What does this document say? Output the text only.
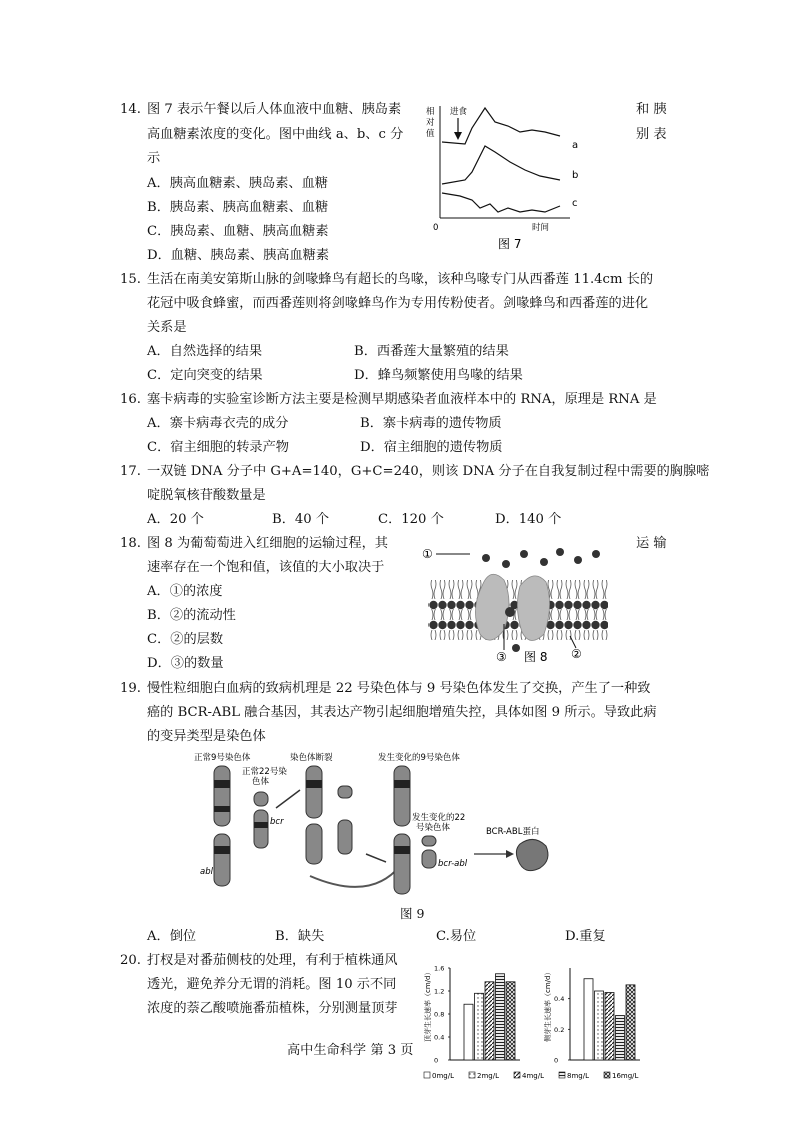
14. 图 7 表示午餐以后人体血液中血糖、胰岛素	和 胰
高血糖素浓度的变化。图中曲线 a、b、c 分	别 表
示
A．胰高血糖素、胰岛素、血糖
B．胰岛素、胰高血糖素、血糖
C．胰岛素、血糖、胰高血糖素
D．血糖、胰岛素、胰高血糖素
相
对
值
进食
a
b
c
0	时间
图 7
15. 生活在南美安第斯山脉的剑喙蜂鸟有超长的鸟喙，该种鸟喙专门从西番莲 11.4cm 长的
花冠中吸食蜂蜜，而西番莲则将剑喙蜂鸟作为专用传粉使者。剑喙蜂鸟和西番莲的进化
关系是
A．自然选择的结果	B．西番莲大量繁殖的结果
C．定向突变的结果	D．蜂鸟频繁使用鸟喙的结果
16. 塞卡病毒的实验室诊断方法主要是检测早期感染者血液样本中的 RNA，原理是 RNA 是
A．寨卡病毒衣壳的成分	B．寨卡病毒的遗传物质
C．宿主细胞的转录产物	D．宿主细胞的遗传物质
17. 一双链 DNA 分子中 G+A=140，G+C=240，则该 DNA 分子在自我复制过程中需要的胸腺嘧
啶脱氧核苷酸数量是
A．20 个	B．40 个	C．120 个	D．140 个
18. 图 8 为葡萄萄进入红细胞的运输过程，其	运 输
速率存在一个饱和值，该值的大小取决于
A．①的浓度
B．②的流动性
C．②的层数
D．③的数量
①
③ 图 8 ②
19. 慢性粒细胞白血病的致病机理是 22 号染色体与 9 号染色体发生了交换，产生了一种致
癌的 BCR-ABL 融合基因，其表达产物引起细胞增殖失控，具体如图 9 所示。导致此病
的变异类型是染色体
正常9号染色体
正常22号染
色体
染色体断裂	发生变化的9号染色体
abl
bcr	发生变化的22
号染色体
bcr-abl
BCR-ABL蛋白
图 9
A．倒位	B．缺失	C.易位	D.重复
20. 打杈是对番茄侧枝的处理，有利于植株通风
透光，避免养分无谓的消耗。图 10 示不同
浓度的萘乙酸喷施番茄植株，分别测量顶芽
1.6
1.2
0.8
0.4
0
顶芽生长速率（cm/d）	0.4
0.2
0
侧芽生长速率（cm/d）
0mg/L	2mg/L	4mg/L	8mg/L	16mg/L
高中生命科学 第 3 页
